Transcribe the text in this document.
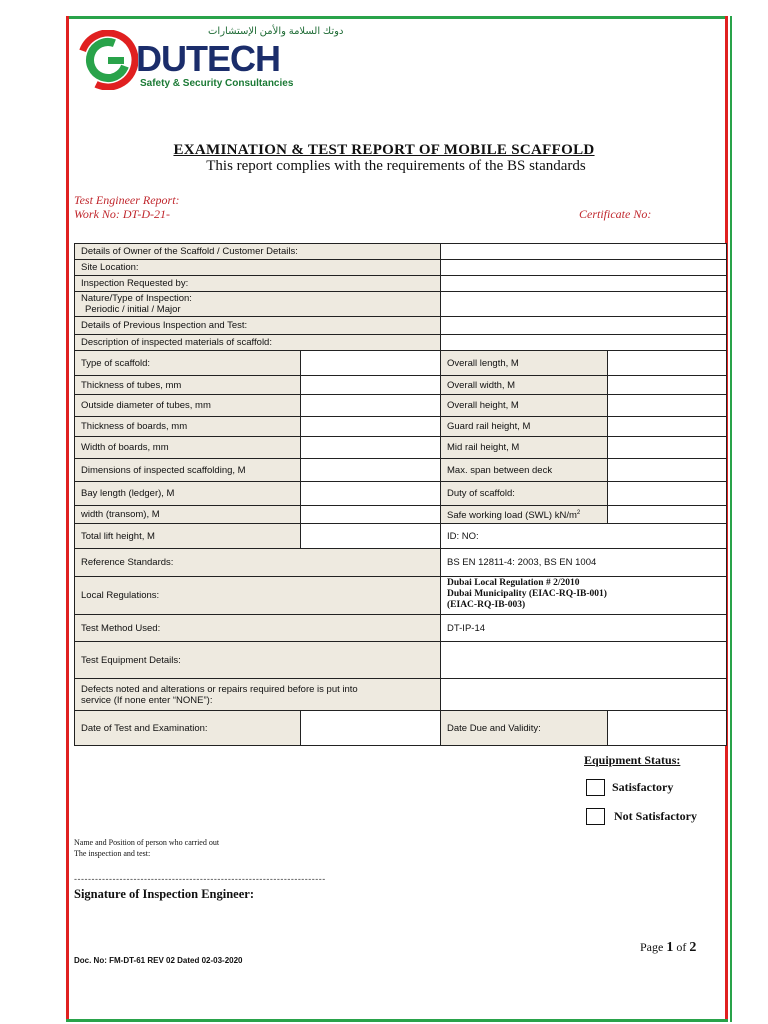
دوتك السلامة والأمن الإستشارات
DUTECH
Safety & Security Consultancies
EXAMINATION & TEST REPORT OF MOBILE SCAFFOLD
This report complies with the requirements of the BS standards
Test Engineer Report:
Work No: DT-D-21-	Certificate No:
Details of Owner of the Scaffold / Customer Details:			
Site Location:			
Inspection Requested by:			

Nature/Type of Inspection:
Periodic / initial / Major			

Details of Previous Inspection and Test:			
Description of inspected materials of scaffold:			
Type of scaffold:		Overall length, M	
Thickness of tubes, mm		Overall width, M	
Outside diameter of tubes, mm		Overall height, M	
Thickness of boards, mm		Guard rail height, M	
Width of boards, mm		Mid rail height, M	
Dimensions of inspected scaffolding, M		Max. span between deck	
Bay length (ledger), M		Duty of scaffold:	
width (transom), M		Safe working load (SWL) $kN/m^2$	
Total lift height, M		ID: NO:	
Reference Standards:		BS EN 12811-4: 2003, BS EN 1004	
Local Regulations:		Dubai Local Regulation # 2/2010
Dubai Municipality (EIAC-RQ-IB-001)
(EIAC-RQ-IB-003)	

Test Method Used:		DT-IP-14	
Test Equipment Details:			

Defects noted and alterations or repairs required before is put into
service (If none enter “NONE”):			

Date of Test and Examination:		Date Due and Validity:	
Equipment Status:
Satisfactory
Not Satisfactory
Name and Position of person who carried out
The inspection and test:
------------------------------------------------------------------------
Signature of Inspection Engineer:
Page 1 of 2
Doc. No: FM-DT-61 REV 02 Dated 02-03-2020
